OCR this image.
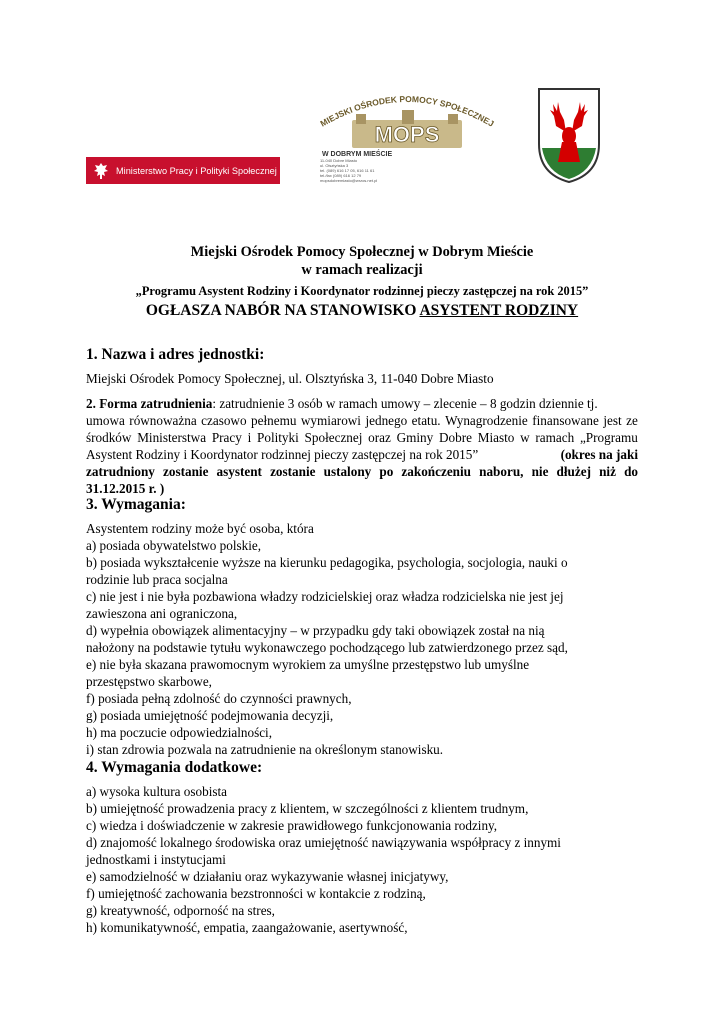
Ministerstwo Pracy i Polityki Społecznej
MIEJSKI OŚRODEK POMOCY SPOŁECZNEJ
MOPS
W DOBRYM MIEŚCIE
11-040 Dobre Miasto
ul. Olsztyńska 3
tel. (089) 616 17 05, 616 11 61
tel./fax (089) 616 12 79
mopsdobremiasto@wrzos.net.pl
Miejski Ośrodek Pomocy Społecznej w Dobrym Mieście
w ramach realizacji
„Programu Asystent Rodziny i Koordynator rodzinnej pieczy zastępczej na rok 2015”
OGŁASZA NABÓR NA STANOWISKO ASYSTENT RODZINY
1. Nazwa i adres jednostki:
Miejski Ośrodek Pomocy Społecznej, ul. Olsztyńska 3, 11-040 Dobre Miasto
2. Forma zatrudnienia : zatrudnienie 3 osób w ramach umowy – zlecenie – 8 godzin dziennie tj.
umowa równoważna czasowo pełnemu wymiarowi jednego etatu. Wynagrodzenie finansowane jest ze
środków Ministerstwa Pracy i Polityki Społecznej oraz Gminy Dobre Miasto w ramach „Programu
Asystent Rodziny i Koordynator rodzinnej pieczy zastępczej na rok 2015”	(okres na jaki
zatrudniony zostanie asystent zostanie ustalony po zakończeniu naboru, nie dłużej niż do
31.12.2015 r. )
3. Wymagania:
Asystentem rodziny może być osoba, która
a) posiada obywatelstwo polskie,
b) posiada wykształcenie wyższe na kierunku pedagogika, psychologia, socjologia, nauki o
rodzinie lub praca socjalna
c) nie jest i nie była pozbawiona władzy rodzicielskiej oraz władza rodzicielska nie jest jej
zawieszona ani ograniczona,
d) wypełnia obowiązek alimentacyjny – w przypadku gdy taki obowiązek został na nią
nałożony na podstawie tytułu wykonawczego pochodzącego lub zatwierdzonego przez sąd,
e) nie była skazana prawomocnym wyrokiem za umyślne przestępstwo lub umyślne
przestępstwo skarbowe,
f) posiada pełną zdolność do czynności prawnych,
g) posiada umiejętność podejmowania decyzji,
h) ma poczucie odpowiedzialności,
i) stan zdrowia pozwala na zatrudnienie na określonym stanowisku.
4. Wymagania dodatkowe:
a) wysoka kultura osobista
b) umiejętność prowadzenia pracy z klientem, w szczególności z klientem trudnym,
c) wiedza i doświadczenie w zakresie prawidłowego funkcjonowania rodziny,
d) znajomość lokalnego środowiska oraz umiejętność nawiązywania współpracy z innymi
jednostkami i instytucjami
e) samodzielność w działaniu oraz wykazywanie własnej inicjatywy,
f) umiejętność zachowania bezstronności w kontakcie z rodziną,
g) kreatywność, odporność na stres,
h) komunikatywność, empatia, zaangażowanie, asertywność,
